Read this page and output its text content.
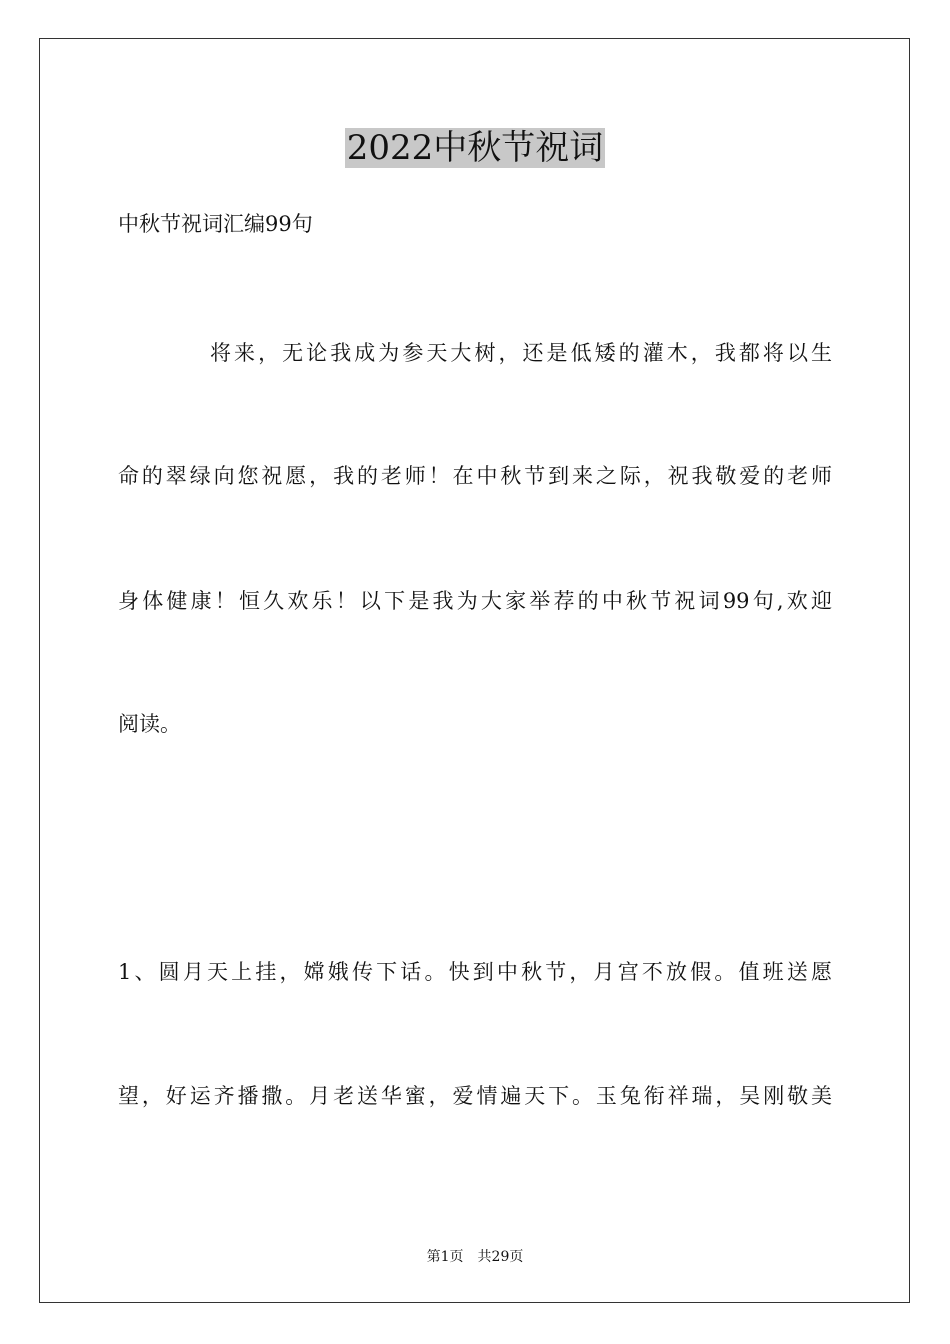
2022中秋节祝词
中秋节祝词汇编99句
将来，无论我成为参天大树，还是低矮的灌木，我都将以生
命的翠绿向您祝愿，我的老师！在中秋节到来之际，祝我敬爱的老师
身体健康！恒久欢乐！以下是我为大家举荐的中秋节祝词99句,欢迎
阅读。
1、圆月天上挂，嫦娥传下话。快到中秋节，月宫不放假。值班送愿
望，好运齐播撒。月老送华蜜，爱情遍天下。玉兔衔祥瑞，吴刚敬美
第1页 共29页
